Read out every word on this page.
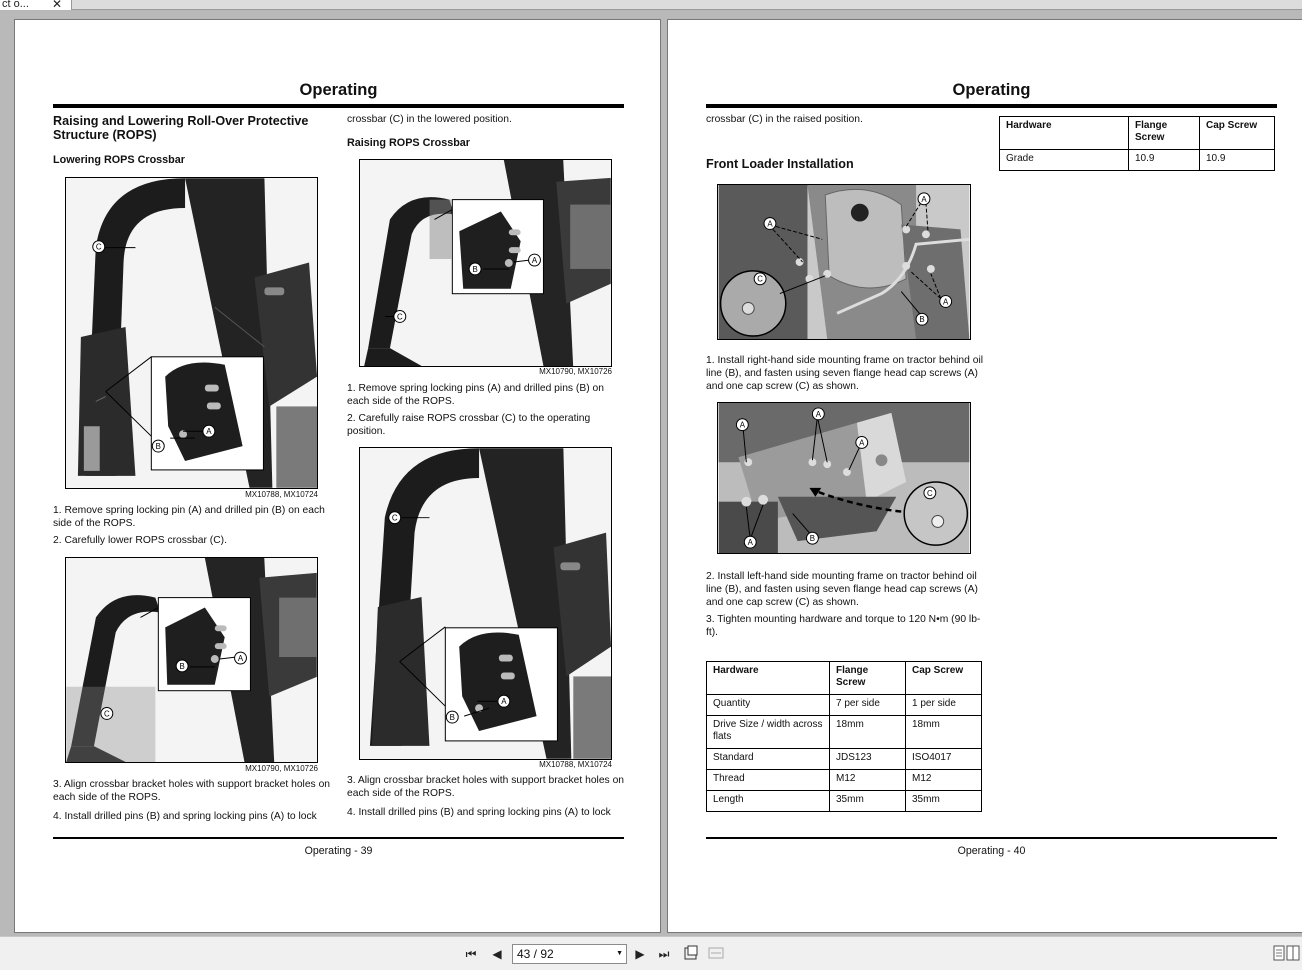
ct o... ✕
Operating
Raising and Lowering Roll-Over Protective Structure (ROPS)
Lowering ROPS Crossbar
C
A
B
MX10788, MX10724
1. Remove spring locking pin (A) and drilled pin (B) on each side of the ROPS.
2. Carefully lower ROPS crossbar (C).
A
B
C
MX10790, MX10726
3. Align crossbar bracket holes with support bracket holes on each side of the ROPS.
4. Install drilled pins (B) and spring locking pins (A) to lock
crossbar (C) in the lowered position.
Raising ROPS Crossbar
A
B
C
MX10790, MX10726
1. Remove spring locking pins (A) and drilled pins (B) on each side of the ROPS.
2. Carefully raise ROPS crossbar (C) to the operating position.
C
A
B
MX10788, MX10724
3. Align crossbar bracket holes with support bracket holes on each side of the ROPS.
4. Install drilled pins (B) and spring locking pins (A) to lock
Operating - 39
Operating
crossbar (C) in the raised position.
Hardware	Flange Screw	Cap Screw
Grade	10.9	10.9
Front Loader Installation
A
A
A
B
C
1. Install right-hand side mounting frame on tractor behind oil line (B), and fasten using seven flange head cap screws (A) and one cap screw (C) as shown.
A
A
A
A	B
C
2. Install left-hand side mounting frame on tractor behind oil line (B), and fasten using seven flange head cap screws (A) and one cap screw (C) as shown.
3. Tighten mounting hardware and torque to 120 N•m (90 lb-ft).
Hardware	Flange Screw	Cap Screw
Quantity	7 per side	1 per side
Drive Size / width across flats	18mm	18mm
Standard	JDS123	ISO4017
Thread	M12	M12
Length	35mm	35mm
Operating - 40
⏮	◀	43 / 92	▼	▶	⏭
